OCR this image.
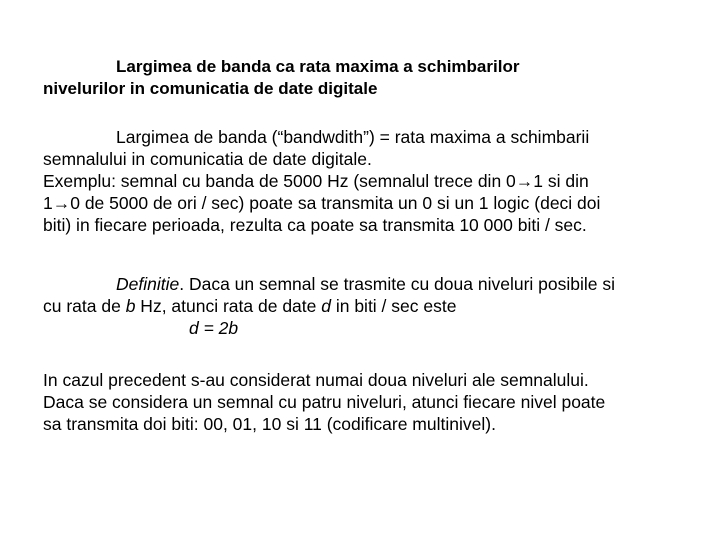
Largimea de banda ca rata maxima a schimbarilor
nivelurilor in comunicatia de date digitale
Largimea de banda (“bandwdith”) = rata maxima a schimbarii
semnalului in comunicatia de date digitale.
Exemplu: semnal cu banda de 5000 Hz (semnalul trece din 0→1 si din
1→0 de 5000 de ori / sec) poate sa transmita un 0 si un 1 logic (deci doi
biti) in fiecare perioada, rezulta ca poate sa transmita 10 000 biti / sec.
Definitie. Daca un semnal se trasmite cu doua niveluri posibile si
cu rata de b Hz, atunci rata de date d in biti / sec este
d = 2b
In cazul precedent s-au considerat numai doua niveluri ale semnalului.
Daca se considera un semnal cu patru niveluri, atunci fiecare nivel poate
sa transmita doi biti: 00, 01, 10 si 11 (codificare multinivel).
